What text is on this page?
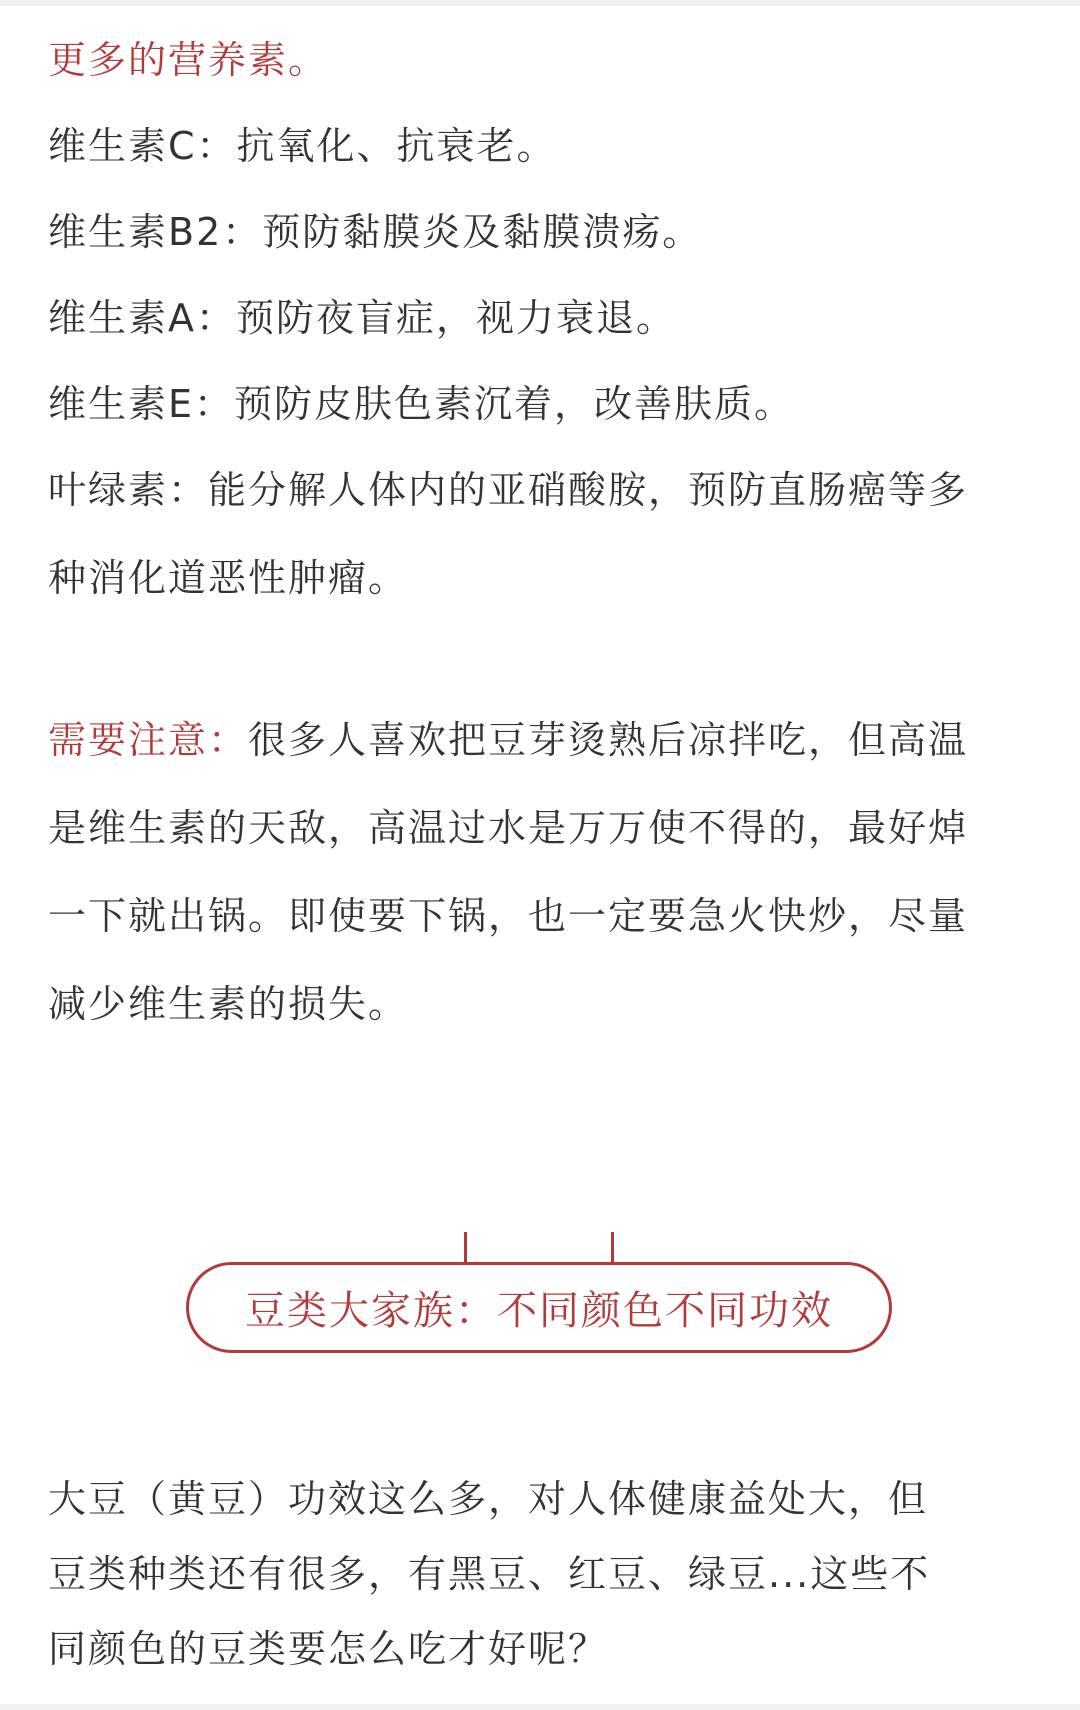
更多的营养素。

维生素C：抗氧化、抗衰老。

维生素B2：预防黏膜炎及黏膜溃疡。

维生素A：预防夜盲症，视力衰退。

维生素E：预防皮肤色素沉着，改善肤质。

叶绿素：能分解人体内的亚硝酸胺，预防直肠癌等多

种消化道恶性肿瘤。

需要注意：很多人喜欢把豆芽烫熟后凉拌吃，但高温

是维生素的天敌，高温过水是万万使不得的，最好焯

一下就出锅。即使要下锅，也一定要急火快炒，尽量

减少维生素的损失。

豆类大家族：不同颜色不同功效

大豆（黄豆）功效这么多，对人体健康益处大，但

豆类种类还有很多，有黑豆、红豆、绿豆...这些不

同颜色的豆类要怎么吃才好呢？
